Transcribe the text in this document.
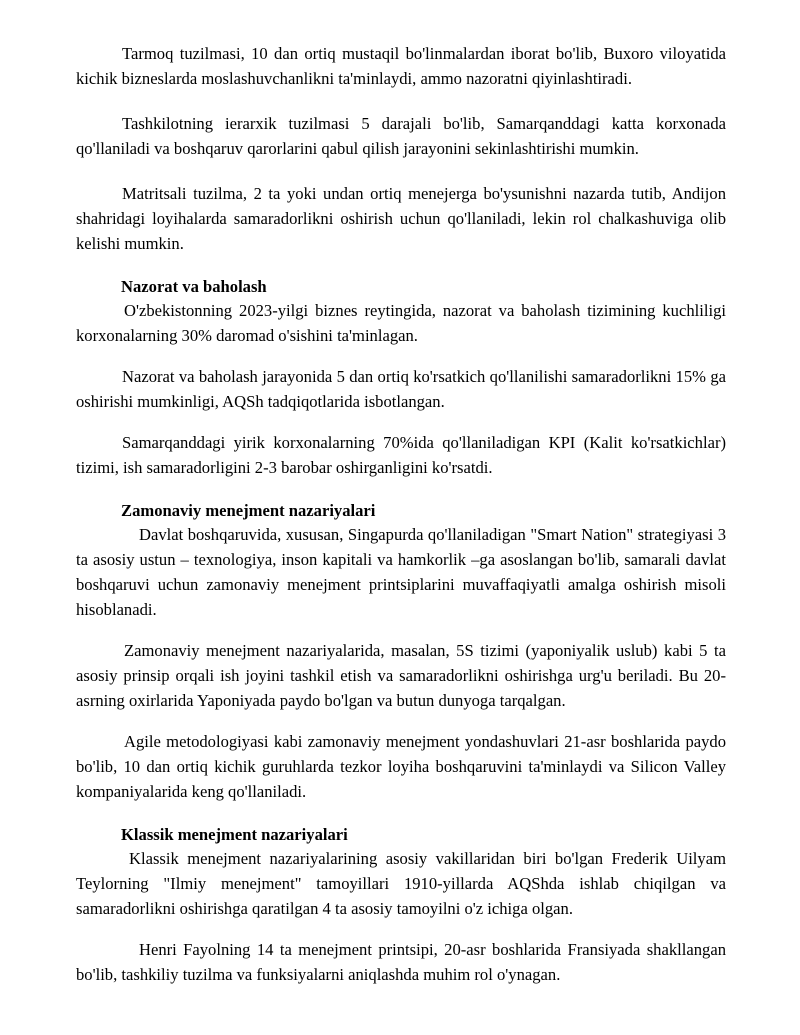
Tarmoq tuzilmasi, 10 dan ortiq mustaqil bo'linmalardan iborat bo'lib, Buxoro viloyatida kichik bizneslarda moslashuvchanlikni ta'minlaydi, ammo nazoratni qiyinlashtiradi.

Tashkilotning ierarxik tuzilmasi 5 darajali bo'lib, Samarqanddagi katta korxonada qo'llaniladi va boshqaruv qarorlarini qabul qilish jarayonini sekinlashtirishi mumkin.

Matritsali tuzilma, 2 ta yoki undan ortiq menejerga bo'ysunishni nazarda tutib, Andijon shahridagi loyihalarda samaradorlikni oshirish uchun qo'llaniladi, lekin rol chalkashuviga olib kelishi mumkin.

Nazorat va baholash

O'zbekistonning 2023-yilgi biznes reytingida, nazorat va baholash tizimining kuchliligi korxonalarning 30% daromad o'sishini ta'minlagan.

Nazorat va baholash jarayonida 5 dan ortiq ko'rsatkich qo'llanilishi samaradorlikni 15% ga oshirishi mumkinligi, AQSh tadqiqotlarida isbotlangan.

Samarqanddagi yirik korxonalarning 70%ida qo'llaniladigan KPI (Kalit ko'rsatkichlar) tizimi, ish samaradorligini 2-3 barobar oshirganligini ko'rsatdi.

Zamonaviy menejment nazariyalari

Davlat boshqaruvida, xususan, Singapurda qo'llaniladigan "Smart Nation" strategiyasi 3 ta asosiy ustun – texnologiya, inson kapitali va hamkorlik –ga asoslangan bo'lib, samarali davlat boshqaruvi uchun zamonaviy menejment printsiplarini muvaffaqiyatli amalga oshirish misoli hisoblanadi.

Zamonaviy menejment nazariyalarida, masalan, 5S tizimi (yaponiyalik uslub) kabi 5 ta asosiy prinsip orqali ish joyini tashkil etish va samaradorlikni oshirishga urg'u beriladi. Bu 20-asrning oxirlarida Yaponiyada paydo bo'lgan va butun dunyoga tarqalgan.

Agile metodologiyasi kabi zamonaviy menejment yondashuvlari 21-asr boshlarida paydo bo'lib, 10 dan ortiq kichik guruhlarda tezkor loyiha boshqaruvini ta'minlaydi va Silicon Valley kompaniyalarida keng qo'llaniladi.

Klassik menejment nazariyalari

Klassik menejment nazariyalarining asosiy vakillaridan biri bo'lgan Frederik Uilyam Teylorning "Ilmiy menejment" tamoyillari 1910-yillarda AQShda ishlab chiqilgan va samaradorlikni oshirishga qaratilgan 4 ta asosiy tamoyilni o'z ichiga olgan.

Henri Fayolning 14 ta menejment printsipi, 20-asr boshlarida Fransiyada shakllangan bo'lib, tashkiliy tuzilma va funksiyalarni aniqlashda muhim rol o'ynagan.
